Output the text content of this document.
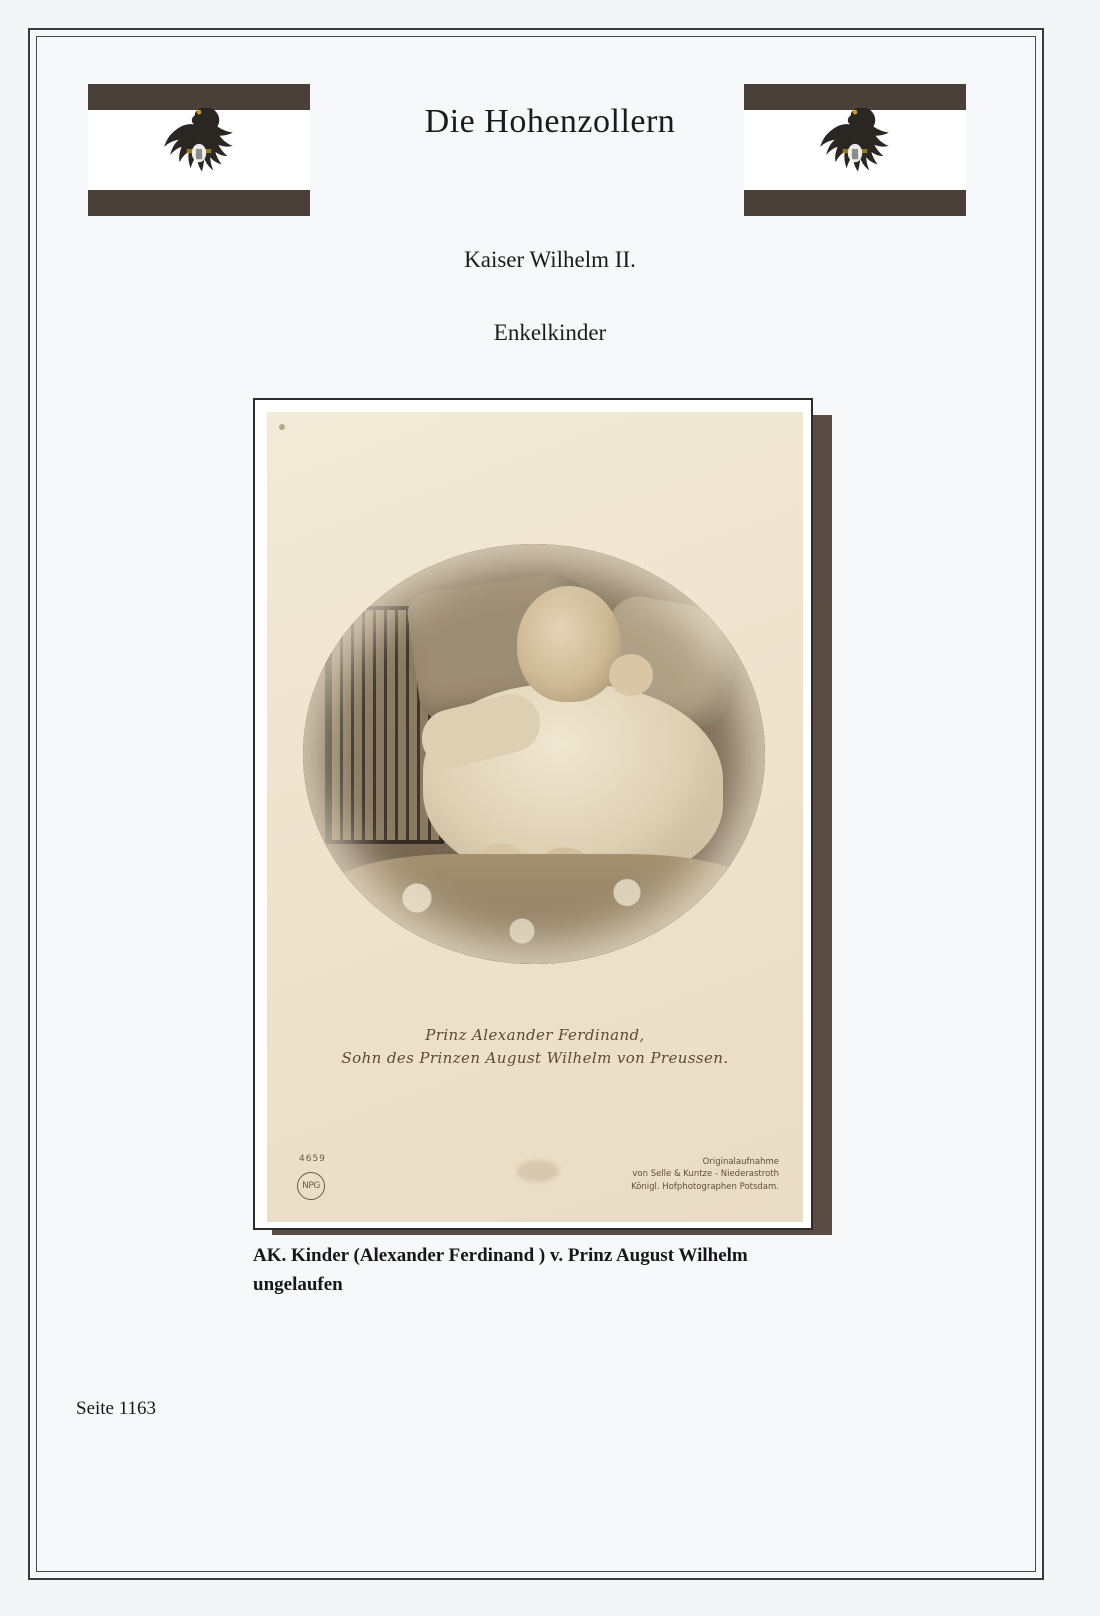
Die Hohenzollern
Kaiser Wilhelm II.
Enkelkinder
Prinz Alexander Ferdinand,
Sohn des Prinzen August Wilhelm von Preussen.
4659
NPG
Originalaufnahme
von Selle & Kuntze - Niederastroth
Königl. Hofphotographen Potsdam.
AK. Kinder (Alexander Ferdinand ) v. Prinz August Wilhelm
ungelaufen
Seite 1163
